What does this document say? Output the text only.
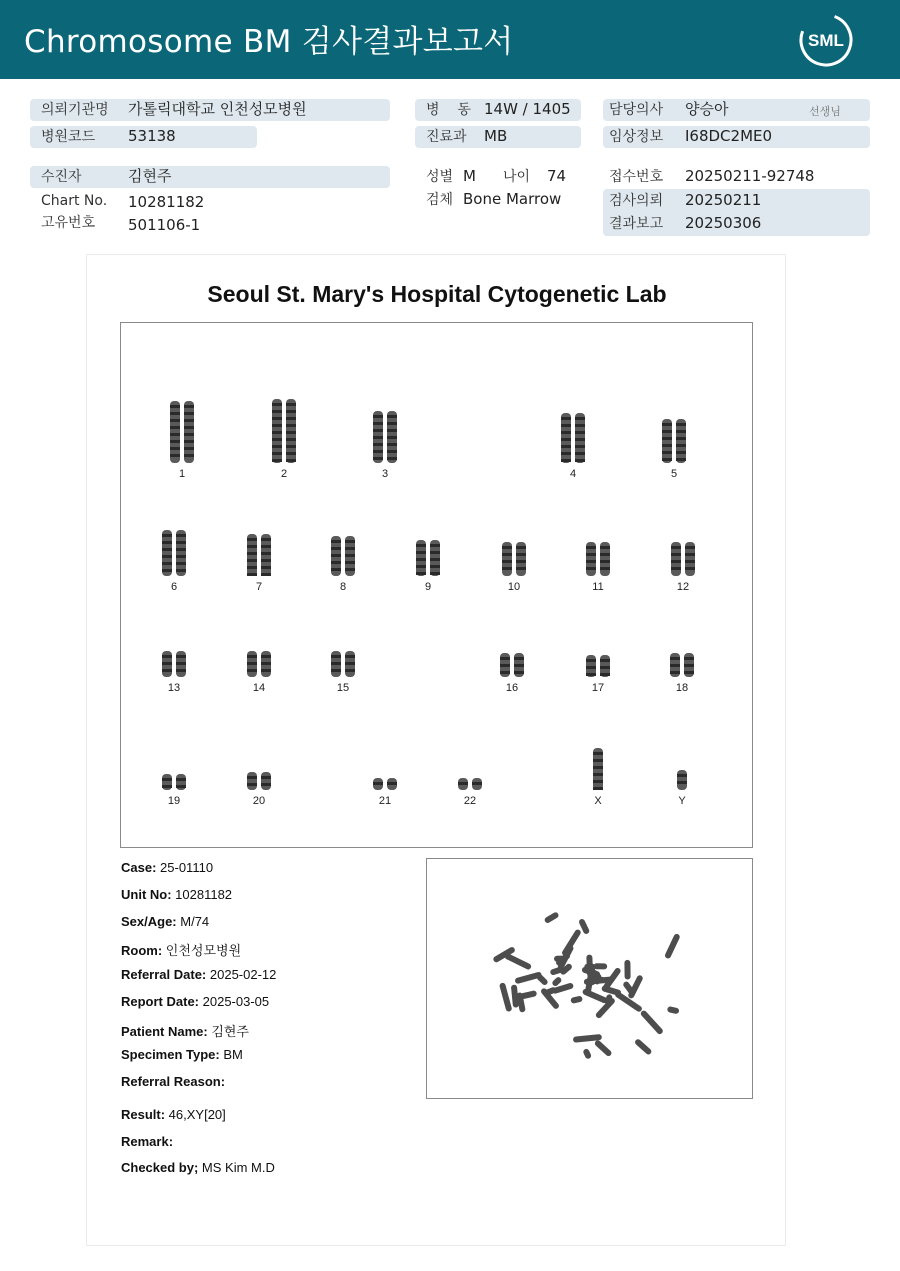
Chromosome BM 검사결과보고서	SML
의뢰기관명 가톨릭대학교 인천성모병원
병원코드 53138
수진자	김현주
Chart No. 10281182
고유번호 501106-1
병    동 14W / 1405
진료과 MB
성별 M 나이 74
검체 Bone Marrow
담당의사 양승아	선생님
임상정보 I68DC2ME0
접수번호 20250211-92748
검사의뢰 20250211
결과보고 20250306
Seoul St. Mary's Hospital Cytogenetic Lab
1	2	3	4	5
6	7	8	9	10	11	12
13	14	15	16	17	18
19	20	21	22	X	Y
Case: 25-01110
Unit No: 10281182
Sex/Age: M/74
Room: 인천성모병원
Referral Date: 2025-02-12
Report Date: 2025-03-05
Patient Name: 김현주
Specimen Type: BM
Referral Reason:
Result: 46,XY[20]
Remark:
Checked by; MS Kim M.D
